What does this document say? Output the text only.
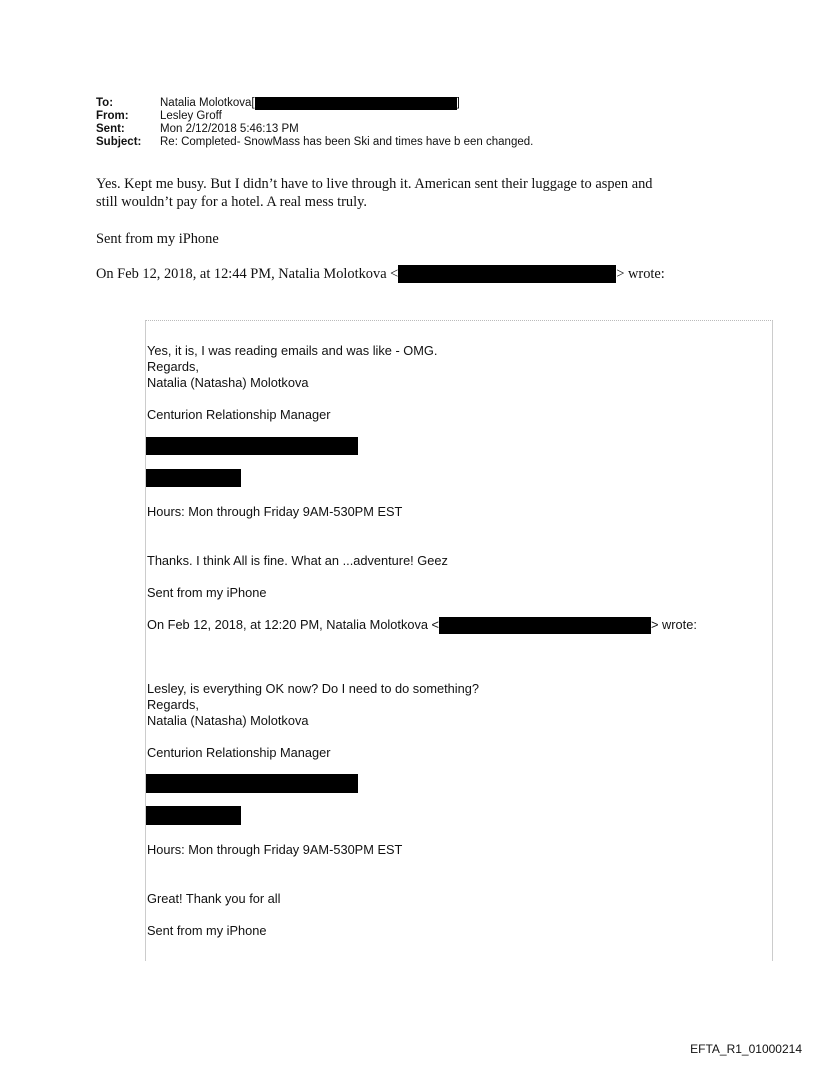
To:	Natalia Molotkova[	]
From:	Lesley Groff
Sent:	Mon 2/12/2018 5:46:13 PM
Subject:	Re: Completed- SnowMass has been Ski and times have b een changed.
Yes. Kept me busy. But I didn’t have to live through it. American sent their luggage to aspen and
still wouldn’t pay for a hotel. A real mess truly.
Sent from my iPhone
On Feb 12, 2018, at 12:44 PM, Natalia Molotkova <	> wrote:
Yes, it is, I was reading emails and was like - OMG.
Regards,
Natalia (Natasha) Molotkova
Centurion Relationship Manager
Hours: Mon through Friday 9AM-530PM EST
Thanks. I think All is fine. What an ...adventure! Geez
Sent from my iPhone
On Feb 12, 2018, at 12:20 PM, Natalia Molotkova <	> wrote:
Lesley, is everything OK now? Do I need to do something?
Regards,
Natalia (Natasha) Molotkova
Centurion Relationship Manager
Hours: Mon through Friday 9AM-530PM EST
Great! Thank you for all
Sent from my iPhone
EFTA_R1_01000214
